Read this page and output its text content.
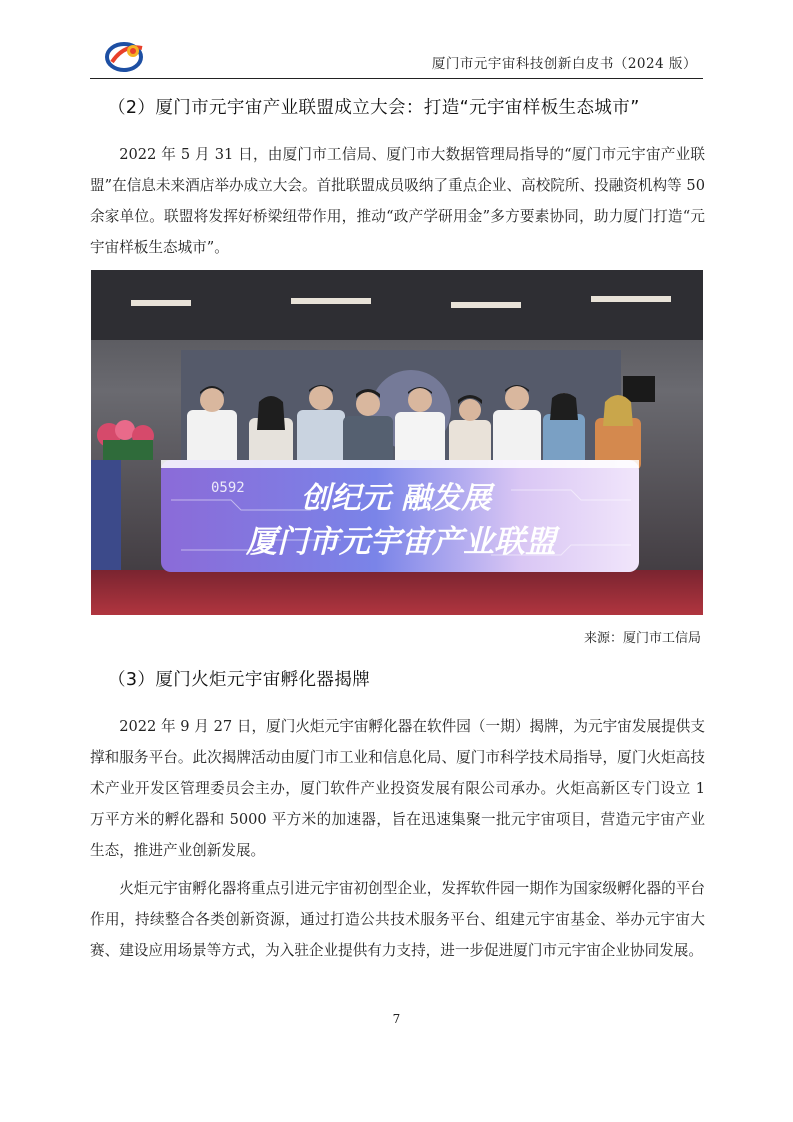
厦门市元宇宙科技创新白皮书（2024 版）
（2）厦门市元宇宙产业联盟成立大会：打造“元宇宙样板生态城市”

2022 年 5 月 31 日，由厦门市工信局、厦门市大数据管理局指导的“厦门市元宇宙产业联盟”在信息未来酒店举办成立大会。首批联盟成员吸纳了重点企业、高校院所、投融资机构等 50 余家单位。联盟将发挥好桥梁纽带作用，推动“政产学研用金”多方要素协同，助力厦门打造“元宇宙样板生态城市”。

0592 创纪元 融发展
厦门市元宇宙产业联盟
来源：厦门市工信局
（3）厦门火炬元宇宙孵化器揭牌

2022 年 9 月 27 日，厦门火炬元宇宙孵化器在软件园（一期）揭牌，为元宇宙发展提供支撑和服务平台。此次揭牌活动由厦门市工业和信息化局、厦门市科学技术局指导，厦门火炬高技术产业开发区管理委员会主办，厦门软件产业投资发展有限公司承办。火炬高新区专门设立 1 万平方米的孵化器和 5000 平方米的加速器，旨在迅速集聚一批元宇宙项目，营造元宇宙产业生态，推进产业创新发展。

火炬元宇宙孵化器将重点引进元宇宙初创型企业，发挥软件园一期作为国家级孵化器的平台作用，持续整合各类创新资源，通过打造公共技术服务平台、组建元宇宙基金、举办元宇宙大赛、建设应用场景等方式，为入驻企业提供有力支持，进一步促进厦门市元宇宙企业协同发展。

7
